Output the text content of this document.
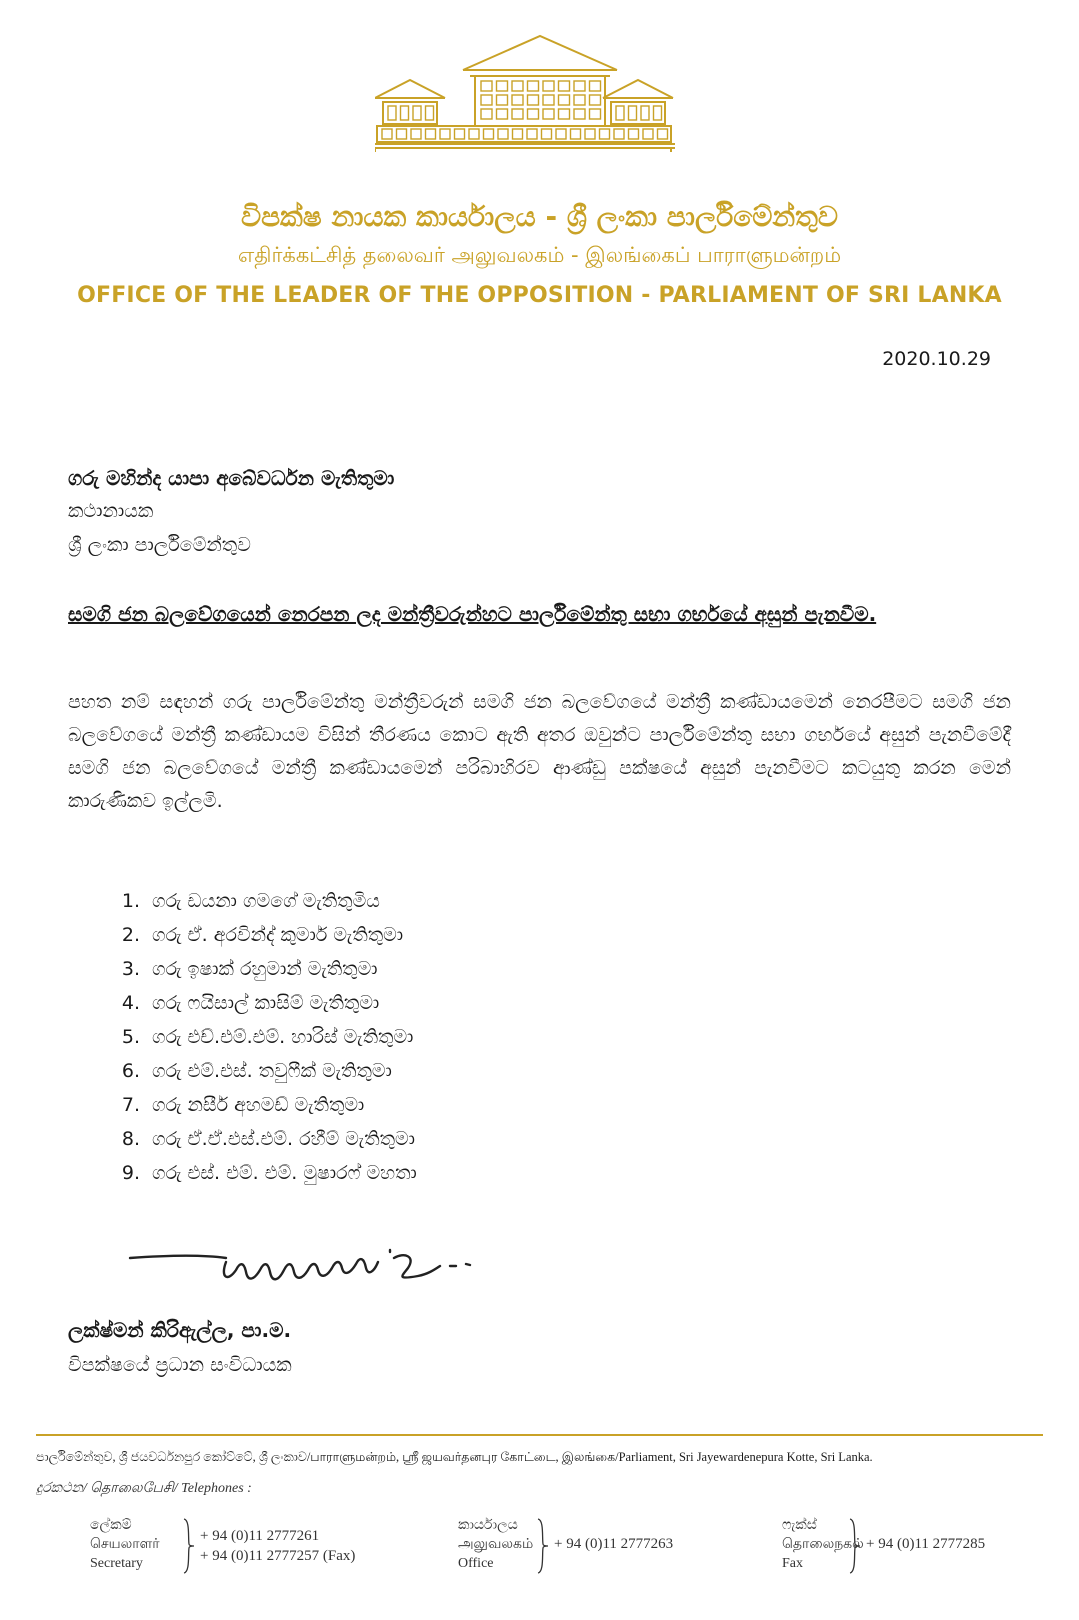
විපක්ෂ නායක කාර්යාලය - ශ්‍රී ලංකා පාර්ලිමේන්තුව
எதிர்க்கட்சித் தலைவர் அலுவலகம் - இலங்கைப் பாராளுமன்றம்
OFFICE OF THE LEADER OF THE OPPOSITION - PARLIAMENT OF SRI LANKA
2020.10.29
ගරු මහින්ද යාපා අබේවර්ධන මැතිතුමා
කථානායක
ශ්‍රී ලංකා පාර්ලිමේන්තුව
සමගි ජන බලවේගයෙන් නෙරපන ලද මන්ත්‍රීවරුන්හට පාර්ලිමේන්තු සභා ගර්භයේ අසුන් පැනවීම.
පහත නම් සඳහන් ගරු පාර්ලිමේන්තු මන්ත්‍රීවරුන් සමගි ජන බලවේගයේ මන්ත්‍රී කණ්ඩායමෙන් නෙරපීමට සමගි ජන බලවේගයේ මන්ත්‍රී කණ්ඩායම විසින් තීරණය කොට ඇති අතර ඔවුන්ට පාර්ලිමේන්තු සභා ගර්භයේ අසුන් පැනවීමේදී සමගි ජන බලවේගයේ මන්ත්‍රී කණ්ඩායමෙන් පරිබාහිරව ආණ්ඩු පක්ෂයේ අසුන් පැනවීමට කටයුතු කරන මෙන් කාරුණිකව ඉල්ලමි.
1. ගරු ඩයනා ගමගේ මැතිතුමිය
2. ගරු ඒ. අරවින්ද් කුමාර් මැතිතුමා
3. ගරු ඉෂාක් රහුමාන් මැතිතුමා
4. ගරු ෆයිසාල් කාසිම් මැතිතුමා
5. ගරු එච්.එම්.එම්. හාරිස් මැතිතුමා
6. ගරු එම්.එස්. තවුෆීක් මැතිතුමා
7. ගරු නසීර් අහමඩ් මැතිතුමා
8. ගරු ඒ.ඒ.එස්.එම්. රහීම් මැතිතුමා
9. ගරු එස්. එම්. එම්. මුෂාරෆ් මහතා
ලක්ෂ්මන් කිරිඇල්ල, පා.ම.
විපක්ෂයේ ප්‍රධාන සංවිධායක
පාර්ලිමේන්තුව, ශ්‍රී ජයවර්ධනපුර කෝට්ටේ, ශ්‍රී ලංකාව/பாராளுமன்றம், ஸ்ரீ ஜயவர்தனபுர கோட்டை, இலங்கை/Parliament, Sri Jayewardenepura Kotte, Sri Lanka.
දුරකථන/ தொலைபேசி/ Telephones :
ලේකම්
செயலாளர்
Secretary
+ 94 (0)11 2777261
+ 94 (0)11 2777257 (Fax)
කාර්යාලය
அலுவலகம்
Office
+ 94 (0)11 2777263
ෆැක්ස්
தொலைநகல்
Fax
+ 94 (0)11 2777285
